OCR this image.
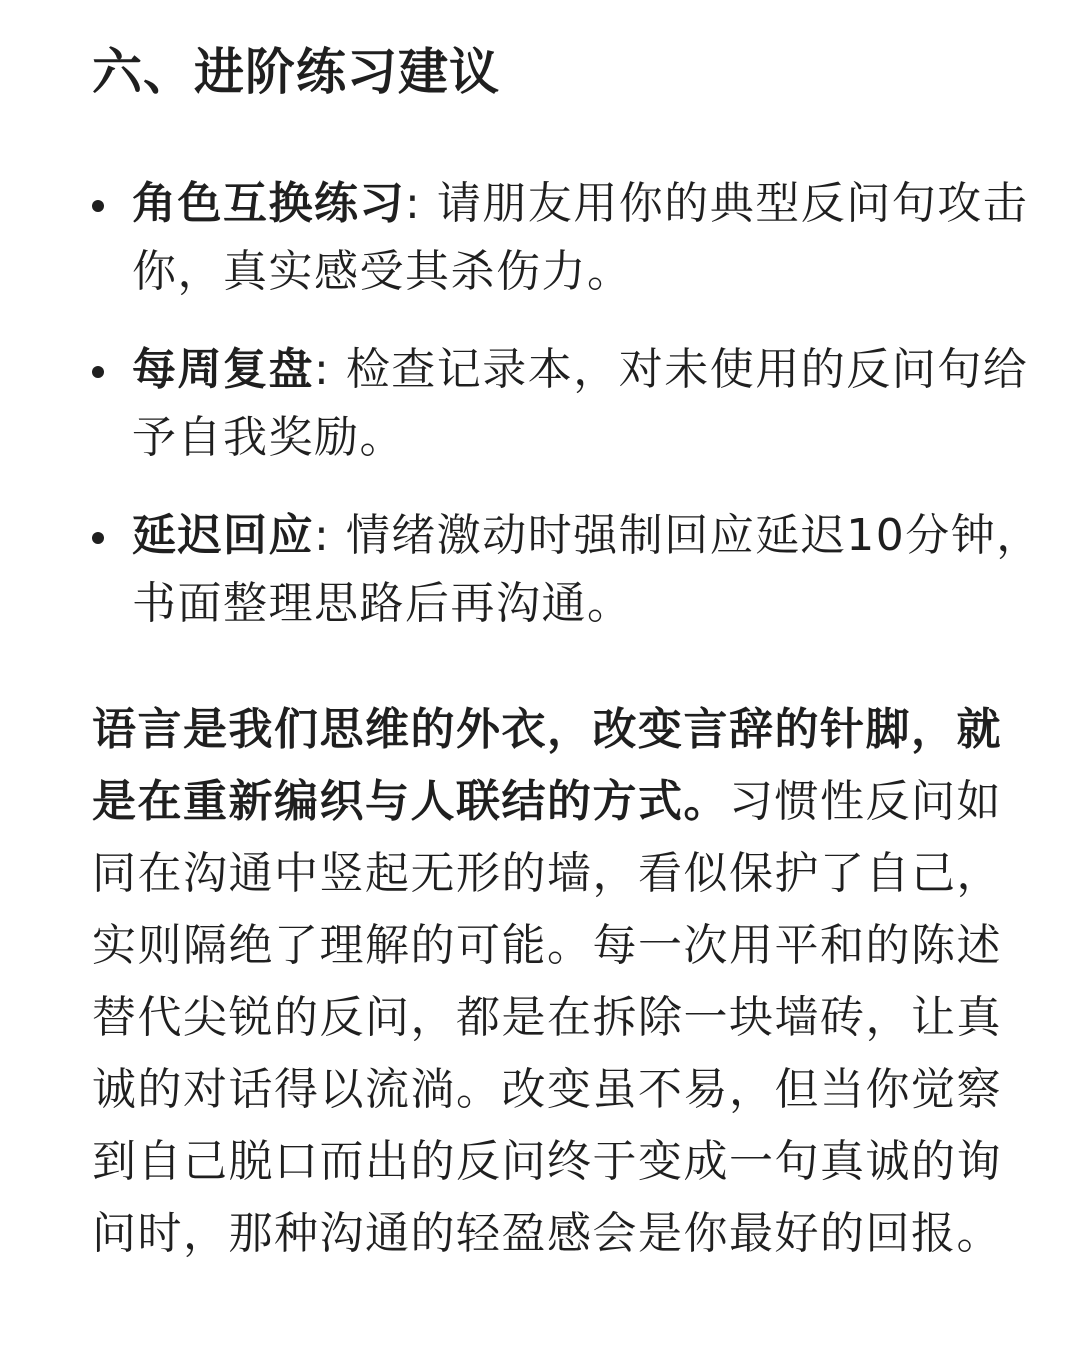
六、进阶练习建议
角色互换练习: 请朋友用你的典型反问句攻击你，真实感受其杀伤力。
每周复盘: 检查记录本，对未使用的反问句给予自我奖励。
延迟回应: 情绪激动时强制回应延迟10分钟，书面整理思路后再沟通。

语言是我们思维的外衣，改变言辞的针脚，就是在重新编织与人联结的方式。习惯性反问如同在沟通中竖起无形的墙，看似保护了自己，实则隔绝了理解的可能。每一次用平和的陈述替代尖锐的反问，都是在拆除一块墙砖，让真诚的对话得以流淌。改变虽不易，但当你觉察到自己脱口而出的反问终于变成一句真诚的询问时，那种沟通的轻盈感会是你最好的回报。
